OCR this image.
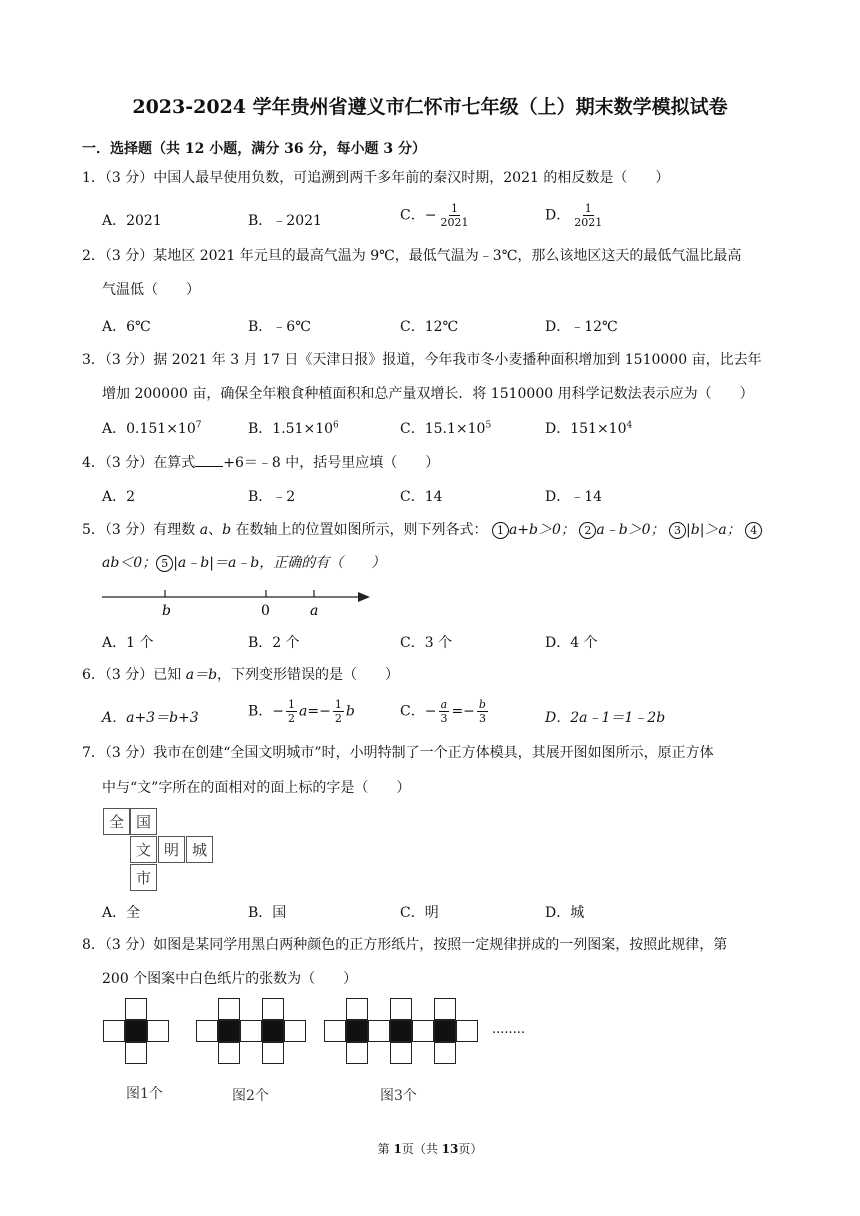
2023-2024 学年贵州省遵义市仁怀市七年级（上）期末数学模拟试卷
一．选择题（共 12 小题，满分 36 分，每小题 3 分）
1．（3 分）中国人最早使用负数，可追溯到两千多年前的秦汉时期，2021 的相反数是（　　）
A．2021	B．﹣2021	C．− $\frac{1}{2021}$	D． $\frac{1}{2021}$
2．（3 分）某地区 2021 年元旦的最高气温为 9℃，最低气温为﹣3℃，那么该地区这天的最低气温比最高
气温低（　　）
A．6℃	B．﹣6℃	C．12℃	D．﹣12℃
3．（3 分）据 2021 年 3 月 17 日《天津日报》报道，今年我市冬小麦播种面积增加到 1510000 亩，比去年
增加 200000 亩，确保全年粮食种植面积和总产量双增长．将 1510000 用科学记数法表示应为（　　）
A．$0.151\times 10^7$	B．$1.51\times 10^6$	C．$15.1\times 10^5$	D．$151\times 10^4$
4．（3 分）在算式 +6＝﹣8 中，括号里应填（　　）
A．2	B．﹣2	C．14	D．﹣14
5．（3 分）有理数 a、b 在数轴上的位置如图所示，则下列各式： 1 a+b＞0； 2 a﹣b＞0； 3 |b|＞a； 4
ab＜0； 5 |a﹣b|＝a﹣b，正确的有（　　）
b	0	a
A．1 个	B．2 个	C．3 个	D．4 个
6．（3 分）已知 a＝b，下列变形错误的是（　　）
A．a+3＝b+3	B．− $\frac{1}{2} a=- \frac{1}{2}$ b	C．− $\frac{a}{3} =- \frac{b}{3}$	D．2a﹣1＝1﹣2b
7．（3 分）我市在创建“全国文明城市”时，小明特制了一个正方体模具，其展开图如图所示，原正方体
中与“文”字所在的面相对的面上标的字是（　　）
全 国
文 明 城
市
A．全	B．国	C．明	D．城
8．（3 分）如图是某同学用黑白两种颜色的正方形纸片，按照一定规律拼成的一列图案，按照此规律，第
200 个图案中白色纸片的张数为（　　）
........
图1个	图2个	图3个
第 1页（共 13页）
